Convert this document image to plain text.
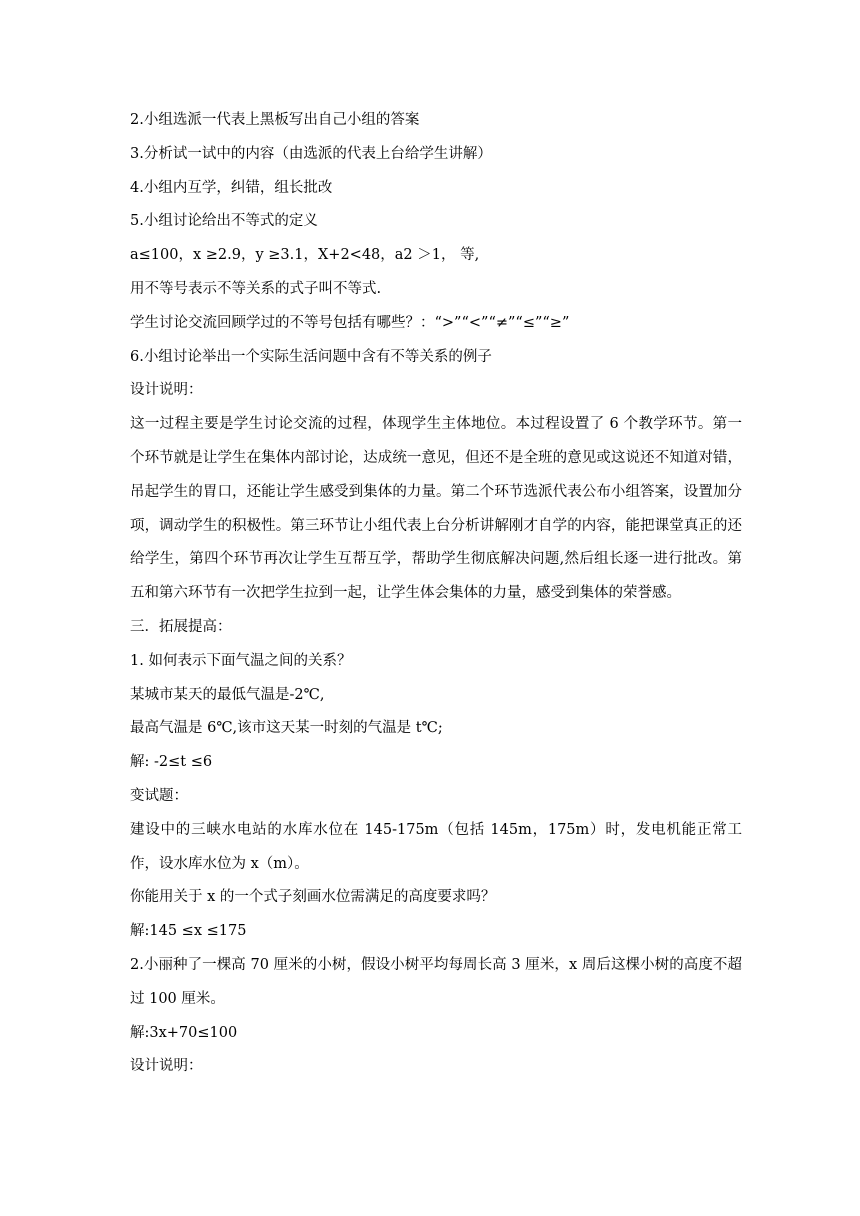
2.小组选派一代表上黑板写出自己小组的答案

3.分析试一试中的内容（由选派的代表上台给学生讲解）

4.小组内互学，纠错，组长批改

5.小组讨论给出不等式的定义

a≤100，x ≥2.9，y ≥3.1，X+2<48，a2 ＞1， 等,

用不等号表示不等关系的式子叫不等式.

学生讨论交流回顾学过的不等号包括有哪些？：“>”“<”“≠”“≤”“≥”

6.小组讨论举出一个实际生活问题中含有不等关系的例子

设计说明：

这一过程主要是学生讨论交流的过程，体现学生主体地位。本过程设置了 6 个教学环节。第一个环节就是让学生在集体内部讨论，达成统一意见，但还不是全班的意见或这说还不知道对错，吊起学生的胃口，还能让学生感受到集体的力量。第二个环节选派代表公布小组答案，设置加分项，调动学生的积极性。第三环节让小组代表上台分析讲解刚才自学的内容，能把课堂真正的还给学生，第四个环节再次让学生互帮互学，帮助学生彻底解决问题,然后组长逐一进行批改。第五和第六环节有一次把学生拉到一起，让学生体会集体的力量，感受到集体的荣誉感。

三．拓展提高：

1. 如何表示下面气温之间的关系？

某城市某天的最低气温是-2℃,

最高气温是 6℃,该市这天某一时刻的气温是 t℃;

解: -2≤t ≤6

变试题：

建设中的三峡水电站的水库水位在 145-175m（包括 145m，175m）时，发电机能正常工作，设水库水位为 x（m）。

你能用关于 x 的一个式子刻画水位需满足的高度要求吗？

解:145 ≤x ≤175

2.小丽种了一棵高 70 厘米的小树，假设小树平均每周长高 3 厘米，x 周后这棵小树的高度不超过 100 厘米。

解:3x+70≤100

设计说明：
